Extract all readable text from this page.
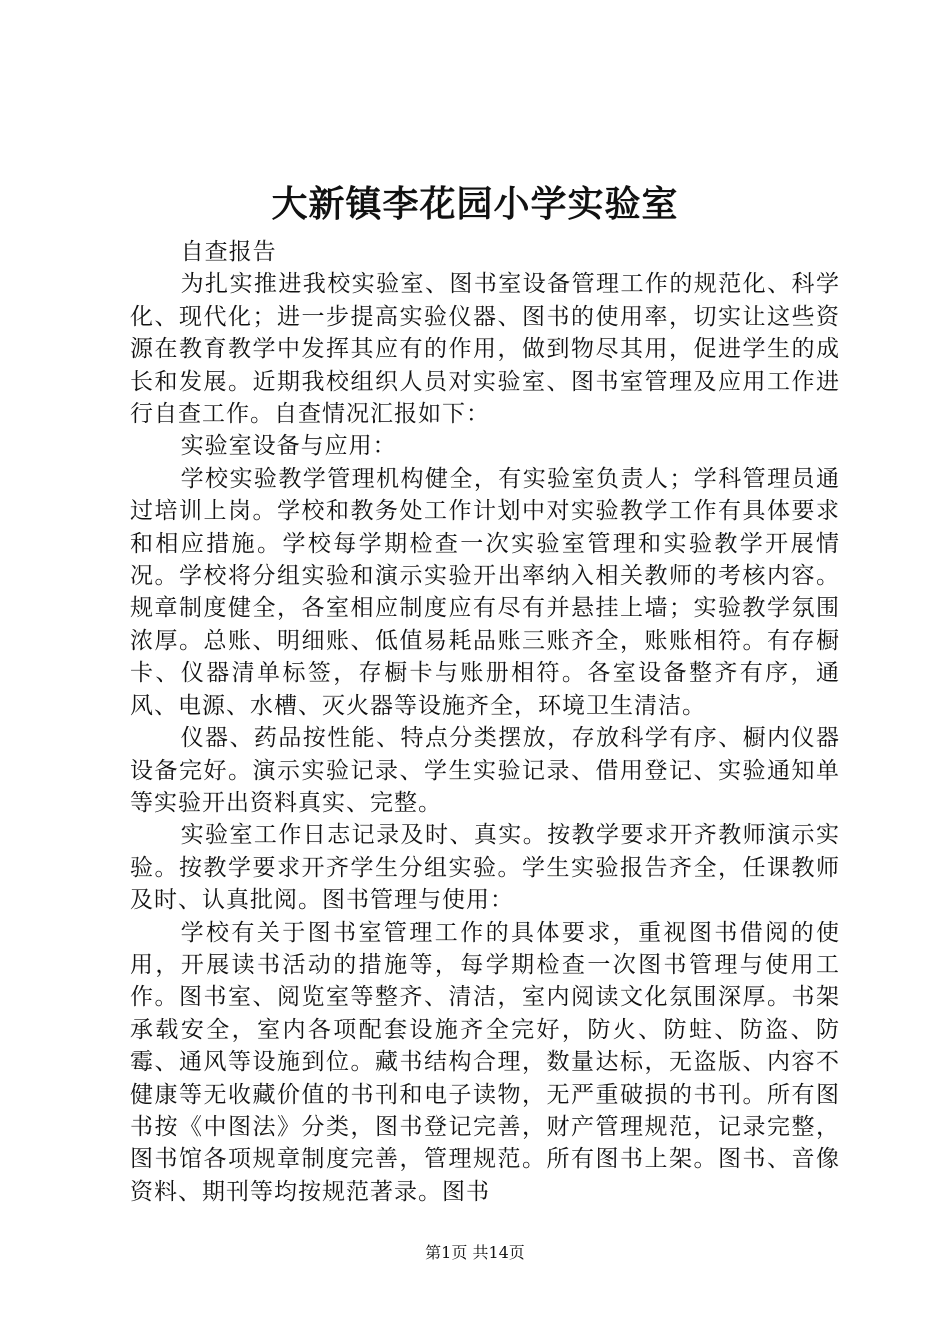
大新镇李花园小学实验室

自查报告

为扎实推进我校实验室、图书室设备管理工作的规范化、科学化、现代化；进一步提高实验仪器、图书的使用率，切实让这些资源在教育教学中发挥其应有的作用，做到物尽其用，促进学生的成长和发展。近期我校组织人员对实验室、图书室管理及应用工作进行自查工作。自查情况汇报如下：

实验室设备与应用：

学校实验教学管理机构健全，有实验室负责人；学科管理员通过培训上岗。学校和教务处工作计划中对实验教学工作有具体要求和相应措施。学校每学期检查一次实验室管理和实验教学开展情况。学校将分组实验和演示实验开出率纳入相关教师的考核内容。规章制度健全，各室相应制度应有尽有并悬挂上墙；实验教学氛围浓厚。总账、明细账、低值易耗品账三账齐全，账账相符。有存橱卡、仪器清单标签，存橱卡与账册相符。各室设备整齐有序，通风、电源、水槽、灭火器等设施齐全，环境卫生清洁。

仪器、药品按性能、特点分类摆放，存放科学有序、橱内仪器设备完好。演示实验记录、学生实验记录、借用登记、实验通知单等实验开出资料真实、完整。

实验室工作日志记录及时、真实。按教学要求开齐教师演示实验。按教学要求开齐学生分组实验。学生实验报告齐全，任课教师及时、认真批阅。图书管理与使用：

学校有关于图书室管理工作的具体要求，重视图书借阅的使用，开展读书活动的措施等，每学期检查一次图书管理与使用工作。图书室、阅览室等整齐、清洁，室内阅读文化氛围深厚。书架承载安全，室内各项配套设施齐全完好，防火、防蛀、防盗、防霉、通风等设施到位。藏书结构合理，数量达标，无盗版、内容不健康等无收藏价值的书刊和电子读物，无严重破损的书刊。所有图书按《中图法》分类，图书登记完善，财产管理规范，记录完整，图书馆各项规章制度完善，管理规范。所有图书上架。图书、音像资料、期刊等均按规范著录。图书

第1页 共14页
